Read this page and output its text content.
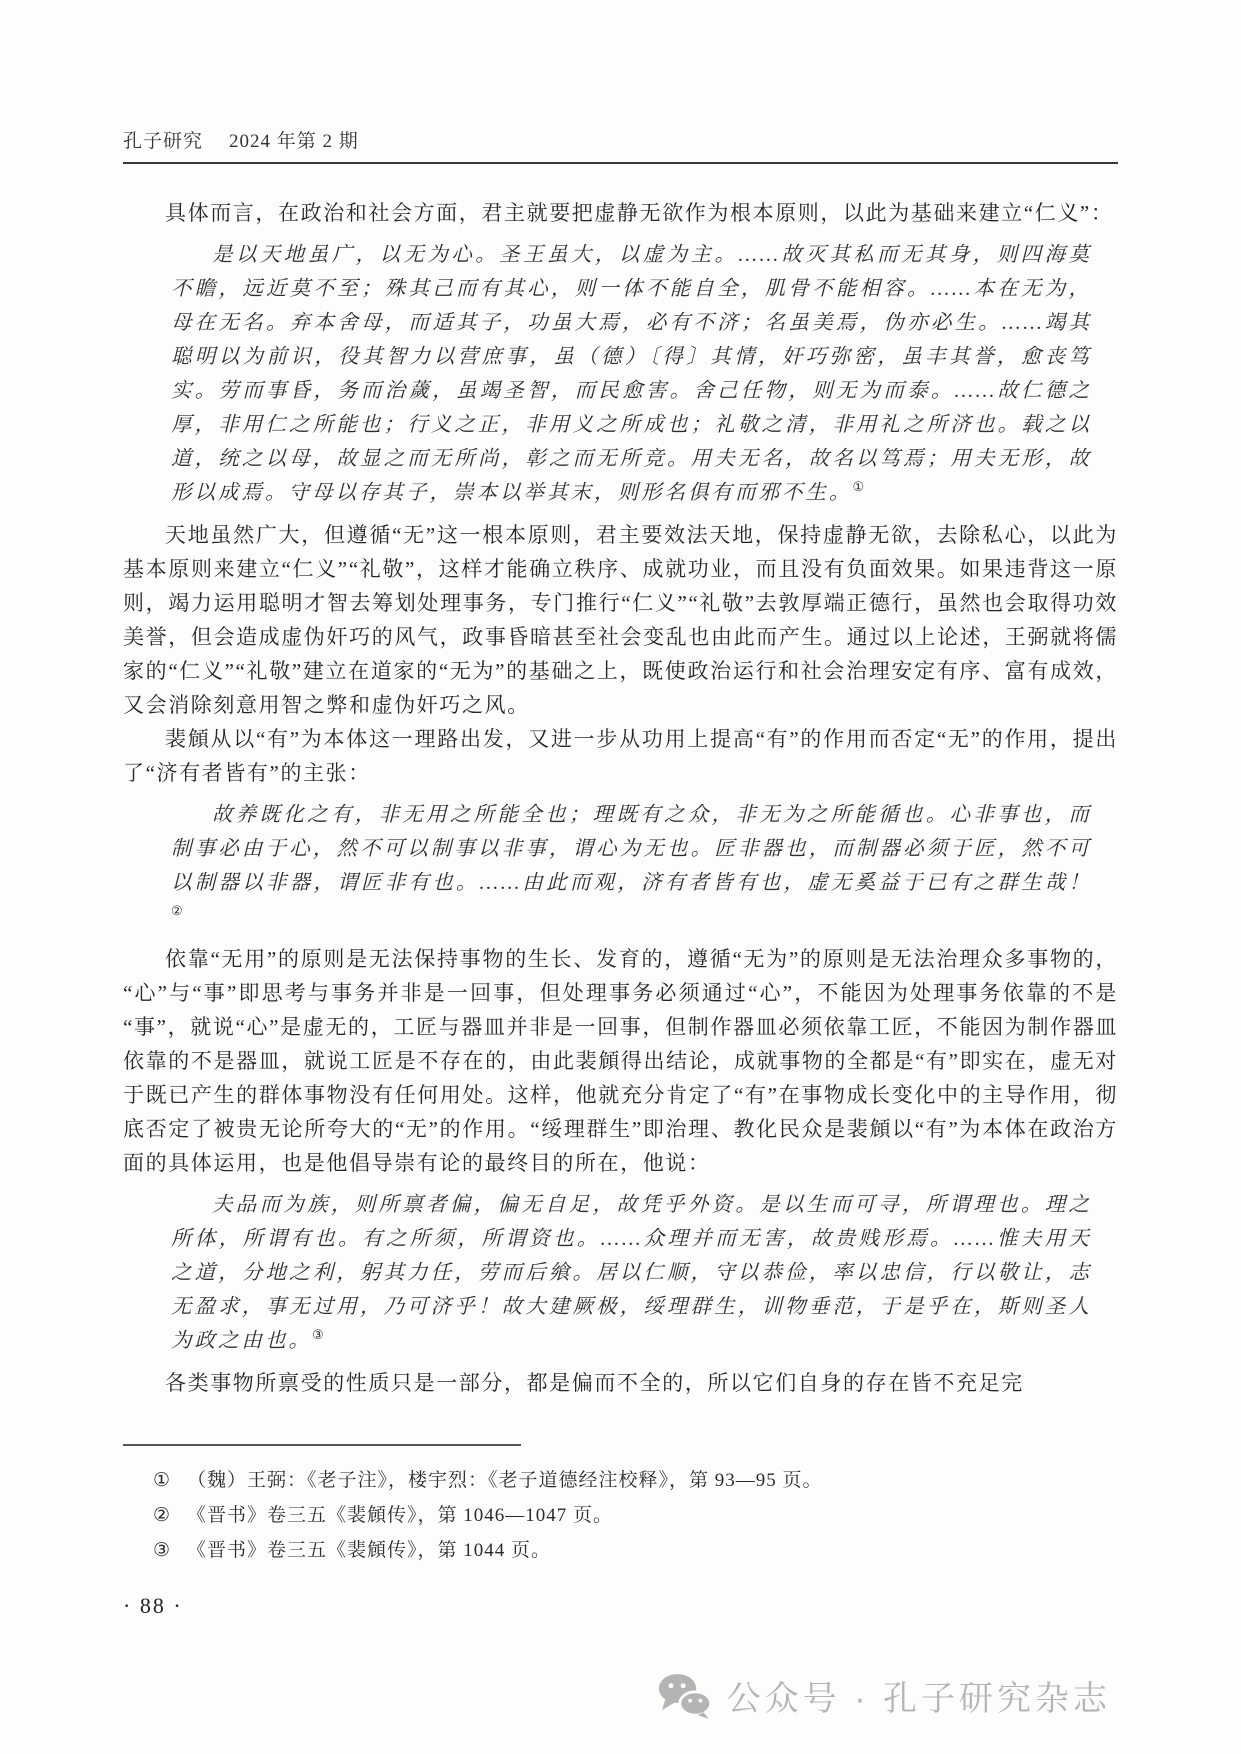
孔子研究 2024 年第 2 期

具体而言，在政治和社会方面，君主就要把虚静无欲作为根本原则，以此为基础来建立“仁义”：

是以天地虽广，以无为心。圣王虽大，以虚为主。……故灭其私而无其身，则四海莫不瞻，远近莫不至；殊其己而有其心，则一体不能自全，肌骨不能相容。……本在无为，母在无名。弃本舍母，而适其子，功虽大焉，必有不济；名虽美焉，伪亦必生。……竭其聪明以为前识，役其智力以营庶事，虽（德）〔得〕其情，奸巧弥密，虽丰其誉，愈丧笃实。劳而事昏，务而治薉，虽竭圣智，而民愈害。舍己任物，则无为而泰。……故仁德之厚，非用仁之所能也；行义之正，非用义之所成也；礼敬之清，非用礼之所济也。载之以道，统之以母，故显之而无所尚，彰之而无所竞。用夫无名，故名以笃焉；用夫无形，故形以成焉。守母以存其子，崇本以举其末，则形名俱有而邪不生。①

天地虽然广大，但遵循“无”这一根本原则，君主要效法天地，保持虚静无欲，去除私心，以此为基本原则来建立“仁义”“礼敬”，这样才能确立秩序、成就功业，而且没有负面效果。如果违背这一原则，竭力运用聪明才智去筹划处理事务，专门推行“仁义”“礼敬”去敦厚端正德行，虽然也会取得功效美誉，但会造成虚伪奸巧的风气，政事昏暗甚至社会变乱也由此而产生。通过以上论述，王弼就将儒家的“仁义”“礼敬”建立在道家的“无为”的基础之上，既使政治运行和社会治理安定有序、富有成效，又会消除刻意用智之弊和虚伪奸巧之风。

裴頠从以“有”为本体这一理路出发，又进一步从功用上提高“有”的作用而否定“无”的作用，提出了“济有者皆有”的主张：

故养既化之有，非无用之所能全也；理既有之众，非无为之所能循也。心非事也，而制事必由于心，然不可以制事以非事，谓心为无也。匠非器也，而制器必须于匠，然不可以制器以非器，谓匠非有也。……由此而观，济有者皆有也，虚无奚益于已有之群生哉！②

依靠“无用”的原则是无法保持事物的生长、发育的，遵循“无为”的原则是无法治理众多事物的，“心”与“事”即思考与事务并非是一回事，但处理事务必须通过“心”，不能因为处理事务依靠的不是“事”，就说“心”是虚无的，工匠与器皿并非是一回事，但制作器皿必须依靠工匠，不能因为制作器皿依靠的不是器皿，就说工匠是不存在的，由此裴頠得出结论，成就事物的全都是“有”即实在，虚无对于既已产生的群体事物没有任何用处。这样，他就充分肯定了“有”在事物成长变化中的主导作用，彻底否定了被贵无论所夸大的“无”的作用。“绥理群生”即治理、教化民众是裴頠以“有”为本体在政治方面的具体运用，也是他倡导崇有论的最终目的所在，他说：

夫品而为族，则所禀者偏，偏无自足，故凭乎外资。是以生而可寻，所谓理也。理之所体，所谓有也。有之所须，所谓资也。……众理并而无害，故贵贱形焉。……惟夫用天之道，分地之利，躬其力任，劳而后飨。居以仁顺，守以恭俭，率以忠信，行以敬让，志无盈求，事无过用，乃可济乎！故大建厥极，绥理群生，训物垂范，于是乎在，斯则圣人为政之由也。③

各类事物所禀受的性质只是一部分，都是偏而不全的，所以它们自身的存在皆不充足完

① （魏）王弼：《老子注》，楼宇烈：《老子道德经注校释》，第 93—95 页。
② 《晋书》卷三五《裴頠传》，第 1046—1047 页。
③ 《晋书》卷三五《裴頠传》，第 1044 页。
· 88 ·
公众号 · 孔子研究杂志
